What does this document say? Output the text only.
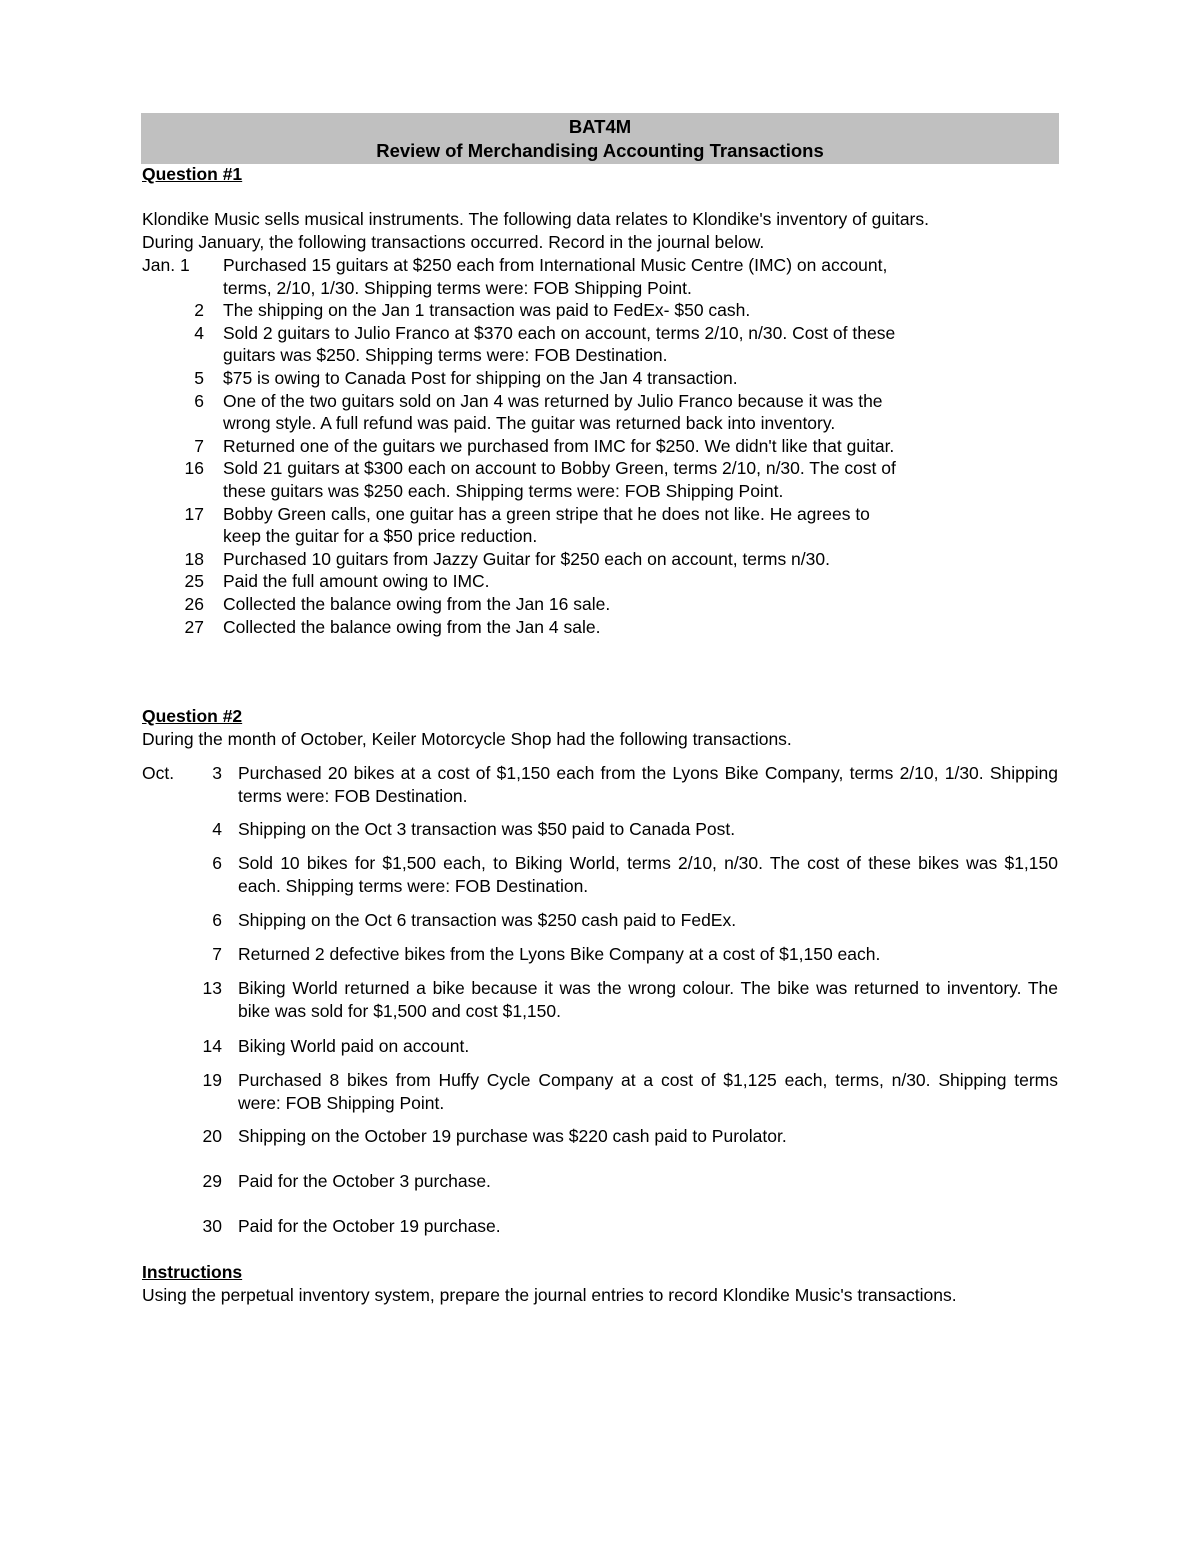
BAT4M
Review of Merchandising Accounting Transactions
Question #1
Klondike Music sells musical instruments. The following data relates to Klondike's inventory of guitars.
During January, the following transactions occurred. Record in the journal below.
Jan. 1	Purchased 15 guitars at $250 each from International Music Centre (IMC) on account,
terms, 2/10, 1/30. Shipping terms were: FOB Shipping Point.
2 The shipping on the Jan 1 transaction was paid to FedEx- $50 cash.
4 Sold 2 guitars to Julio Franco at $370 each on account, terms 2/10, n/30. Cost of these
guitars was $250. Shipping terms were: FOB Destination.
5 $75 is owing to Canada Post for shipping on the Jan 4 transaction.
6 One of the two guitars sold on Jan 4 was returned by Julio Franco because it was the
wrong style. A full refund was paid. The guitar was returned back into inventory.
7 Returned one of the guitars we purchased from IMC for $250. We didn't like that guitar.
16 Sold 21 guitars at $300 each on account to Bobby Green, terms 2/10, n/30. The cost of
these guitars was $250 each. Shipping terms were: FOB Shipping Point.
17 Bobby Green calls, one guitar has a green stripe that he does not like. He agrees to
keep the guitar for a $50 price reduction.
18 Purchased 10 guitars from Jazzy Guitar for $250 each on account, terms n/30.
25 Paid the full amount owing to IMC.
26 Collected the balance owing from the Jan 16 sale.
27 Collected the balance owing from the Jan 4 sale.
Question #2
During the month of October, Keiler Motorcycle Shop had the following transactions.
Oct.	3 Purchased 20 bikes at a cost of $1,150 each from the Lyons Bike Company, terms 2/10, 1/30. Shipping terms were: FOB Destination.
4 Shipping on the Oct 3 transaction was $50 paid to Canada Post.
6 Sold 10 bikes for $1,500 each, to Biking World, terms 2/10, n/30. The cost of these bikes was $1,150 each. Shipping terms were: FOB Destination.
6 Shipping on the Oct 6 transaction was $250 cash paid to FedEx.
7 Returned 2 defective bikes from the Lyons Bike Company at a cost of $1,150 each.
13 Biking World returned a bike because it was the wrong colour. The bike was returned to inventory. The bike was sold for $1,500 and cost $1,150.
14 Biking World paid on account.
19 Purchased 8 bikes from Huffy Cycle Company at a cost of $1,125 each, terms, n/30. Shipping terms were: FOB Shipping Point.
20 Shipping on the October 19 purchase was $220 cash paid to Purolator.
29 Paid for the October 3 purchase.
30 Paid for the October 19 purchase.
Instructions
Using the perpetual inventory system, prepare the journal entries to record Klondike Music's transactions.
